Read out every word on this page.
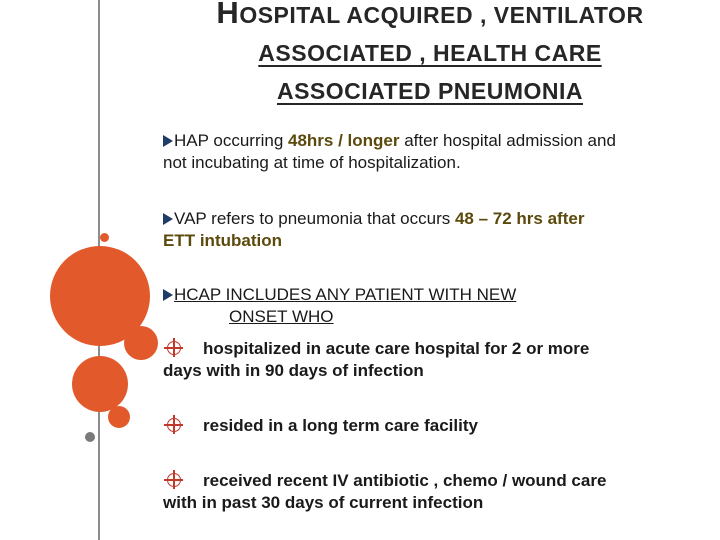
HOSPITAL ACQUIRED , VENTILATOR
ASSOCIATED , HEALTH CARE
ASSOCIATED PNEUMONIA
HAP occurring 48hrs / longer after hospital admission and
not incubating at time of hospitalization.
VAP refers to pneumonia that occurs 48 – 72 hrs after
ETT intubation
HCAP INCLUDES ANY PATIENT WITH NEW
ONSET WHO
hospitalized in acute care hospital for 2 or more
days with in 90 days of infection
resided in a long term care facility
received recent IV antibiotic , chemo / wound care
with in past 30 days of current infection
